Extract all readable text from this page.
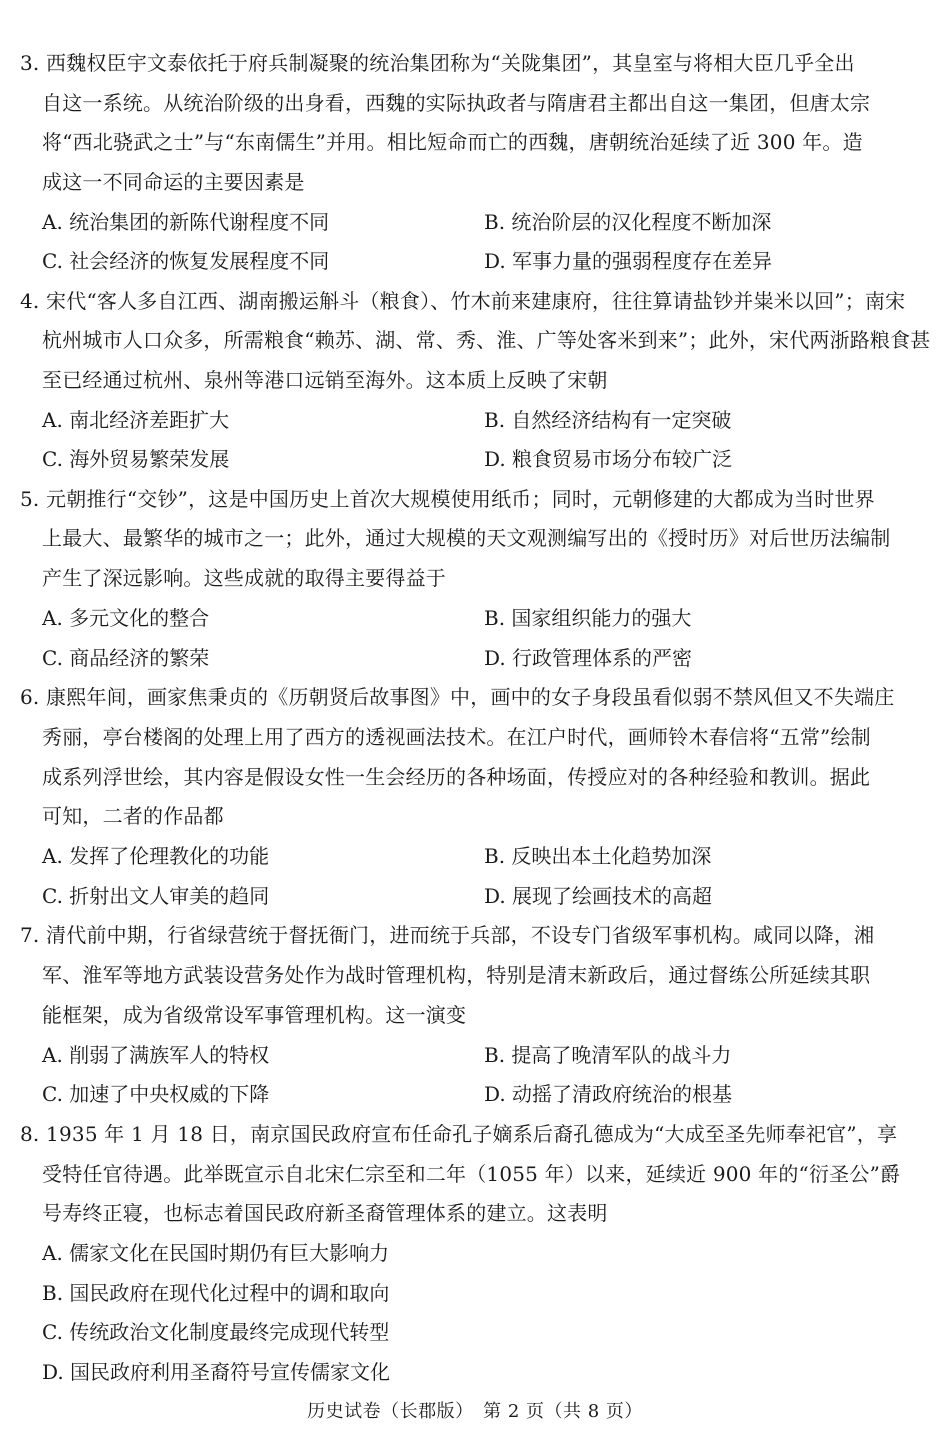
3. 西魏权臣宇文泰依托于府兵制凝聚的统治集团称为“关陇集团”，其皇室与将相大臣几乎全出
自这一系统。从统治阶级的出身看，西魏的实际执政者与隋唐君主都出自这一集团，但唐太宗
将“西北骁武之士”与“东南儒生”并用。相比短命而亡的西魏，唐朝统治延续了近 300 年。造
成这一不同命运的主要因素是
A. 统治集团的新陈代谢程度不同	B. 统治阶层的汉化程度不断加深
C. 社会经济的恢复发展程度不同	D. 军事力量的强弱程度存在差异
4. 宋代“客人多自江西、湖南搬运斛斗（粮食）、竹木前来建康府，往往算请盐钞并粜米以回”；南宋
杭州城市人口众多，所需粮食“赖苏、湖、常、秀、淮、广等处客米到来”；此外，宋代两浙路粮食甚
至已经通过杭州、泉州等港口远销至海外。这本质上反映了宋朝
A. 南北经济差距扩大	B. 自然经济结构有一定突破
C. 海外贸易繁荣发展	D. 粮食贸易市场分布较广泛
5. 元朝推行“交钞”，这是中国历史上首次大规模使用纸币；同时，元朝修建的大都成为当时世界
上最大、最繁华的城市之一；此外，通过大规模的天文观测编写出的《授时历》对后世历法编制
产生了深远影响。这些成就的取得主要得益于
A. 多元文化的整合	B. 国家组织能力的强大
C. 商品经济的繁荣	D. 行政管理体系的严密
6. 康熙年间，画家焦秉贞的《历朝贤后故事图》中，画中的女子身段虽看似弱不禁风但又不失端庄
秀丽，亭台楼阁的处理上用了西方的透视画法技术。在江户时代，画师铃木春信将“五常”绘制
成系列浮世绘，其内容是假设女性一生会经历的各种场面，传授应对的各种经验和教训。据此
可知，二者的作品都
A. 发挥了伦理教化的功能	B. 反映出本土化趋势加深
C. 折射出文人审美的趋同	D. 展现了绘画技术的高超
7. 清代前中期，行省绿营统于督抚衙门，进而统于兵部，不设专门省级军事机构。咸同以降，湘
军、淮军等地方武装设营务处作为战时管理机构，特别是清末新政后，通过督练公所延续其职
能框架，成为省级常设军事管理机构。这一演变
A. 削弱了满族军人的特权	B. 提高了晚清军队的战斗力
C. 加速了中央权威的下降	D. 动摇了清政府统治的根基
8. 1935 年 1 月 18 日，南京国民政府宣布任命孔子嫡系后裔孔德成为“大成至圣先师奉祀官”，享
受特任官待遇。此举既宣示自北宋仁宗至和二年（1055 年）以来，延续近 900 年的“衍圣公”爵
号寿终正寝，也标志着国民政府新圣裔管理体系的建立。这表明
A. 儒家文化在民国时期仍有巨大影响力
B. 国民政府在现代化过程中的调和取向
C. 传统政治文化制度最终完成现代转型
D. 国民政府利用圣裔符号宣传儒家文化
历史试卷（长郡版）　第 2 页（共 8 页）
